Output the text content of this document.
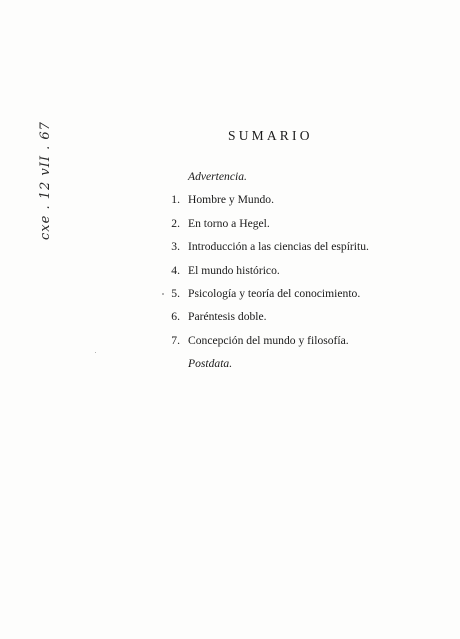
cxe . 12 vII . 67	SUMARIO
Advertencia.
1. Hombre y Mundo.
2. En torno a Hegel.
3. Introducción a las ciencias del espíritu.
4. El mundo histórico.
5. Psicología y teoría del conocimiento.
6. Paréntesis doble.
7. Concepción del mundo y filosofía.
Postdata.
